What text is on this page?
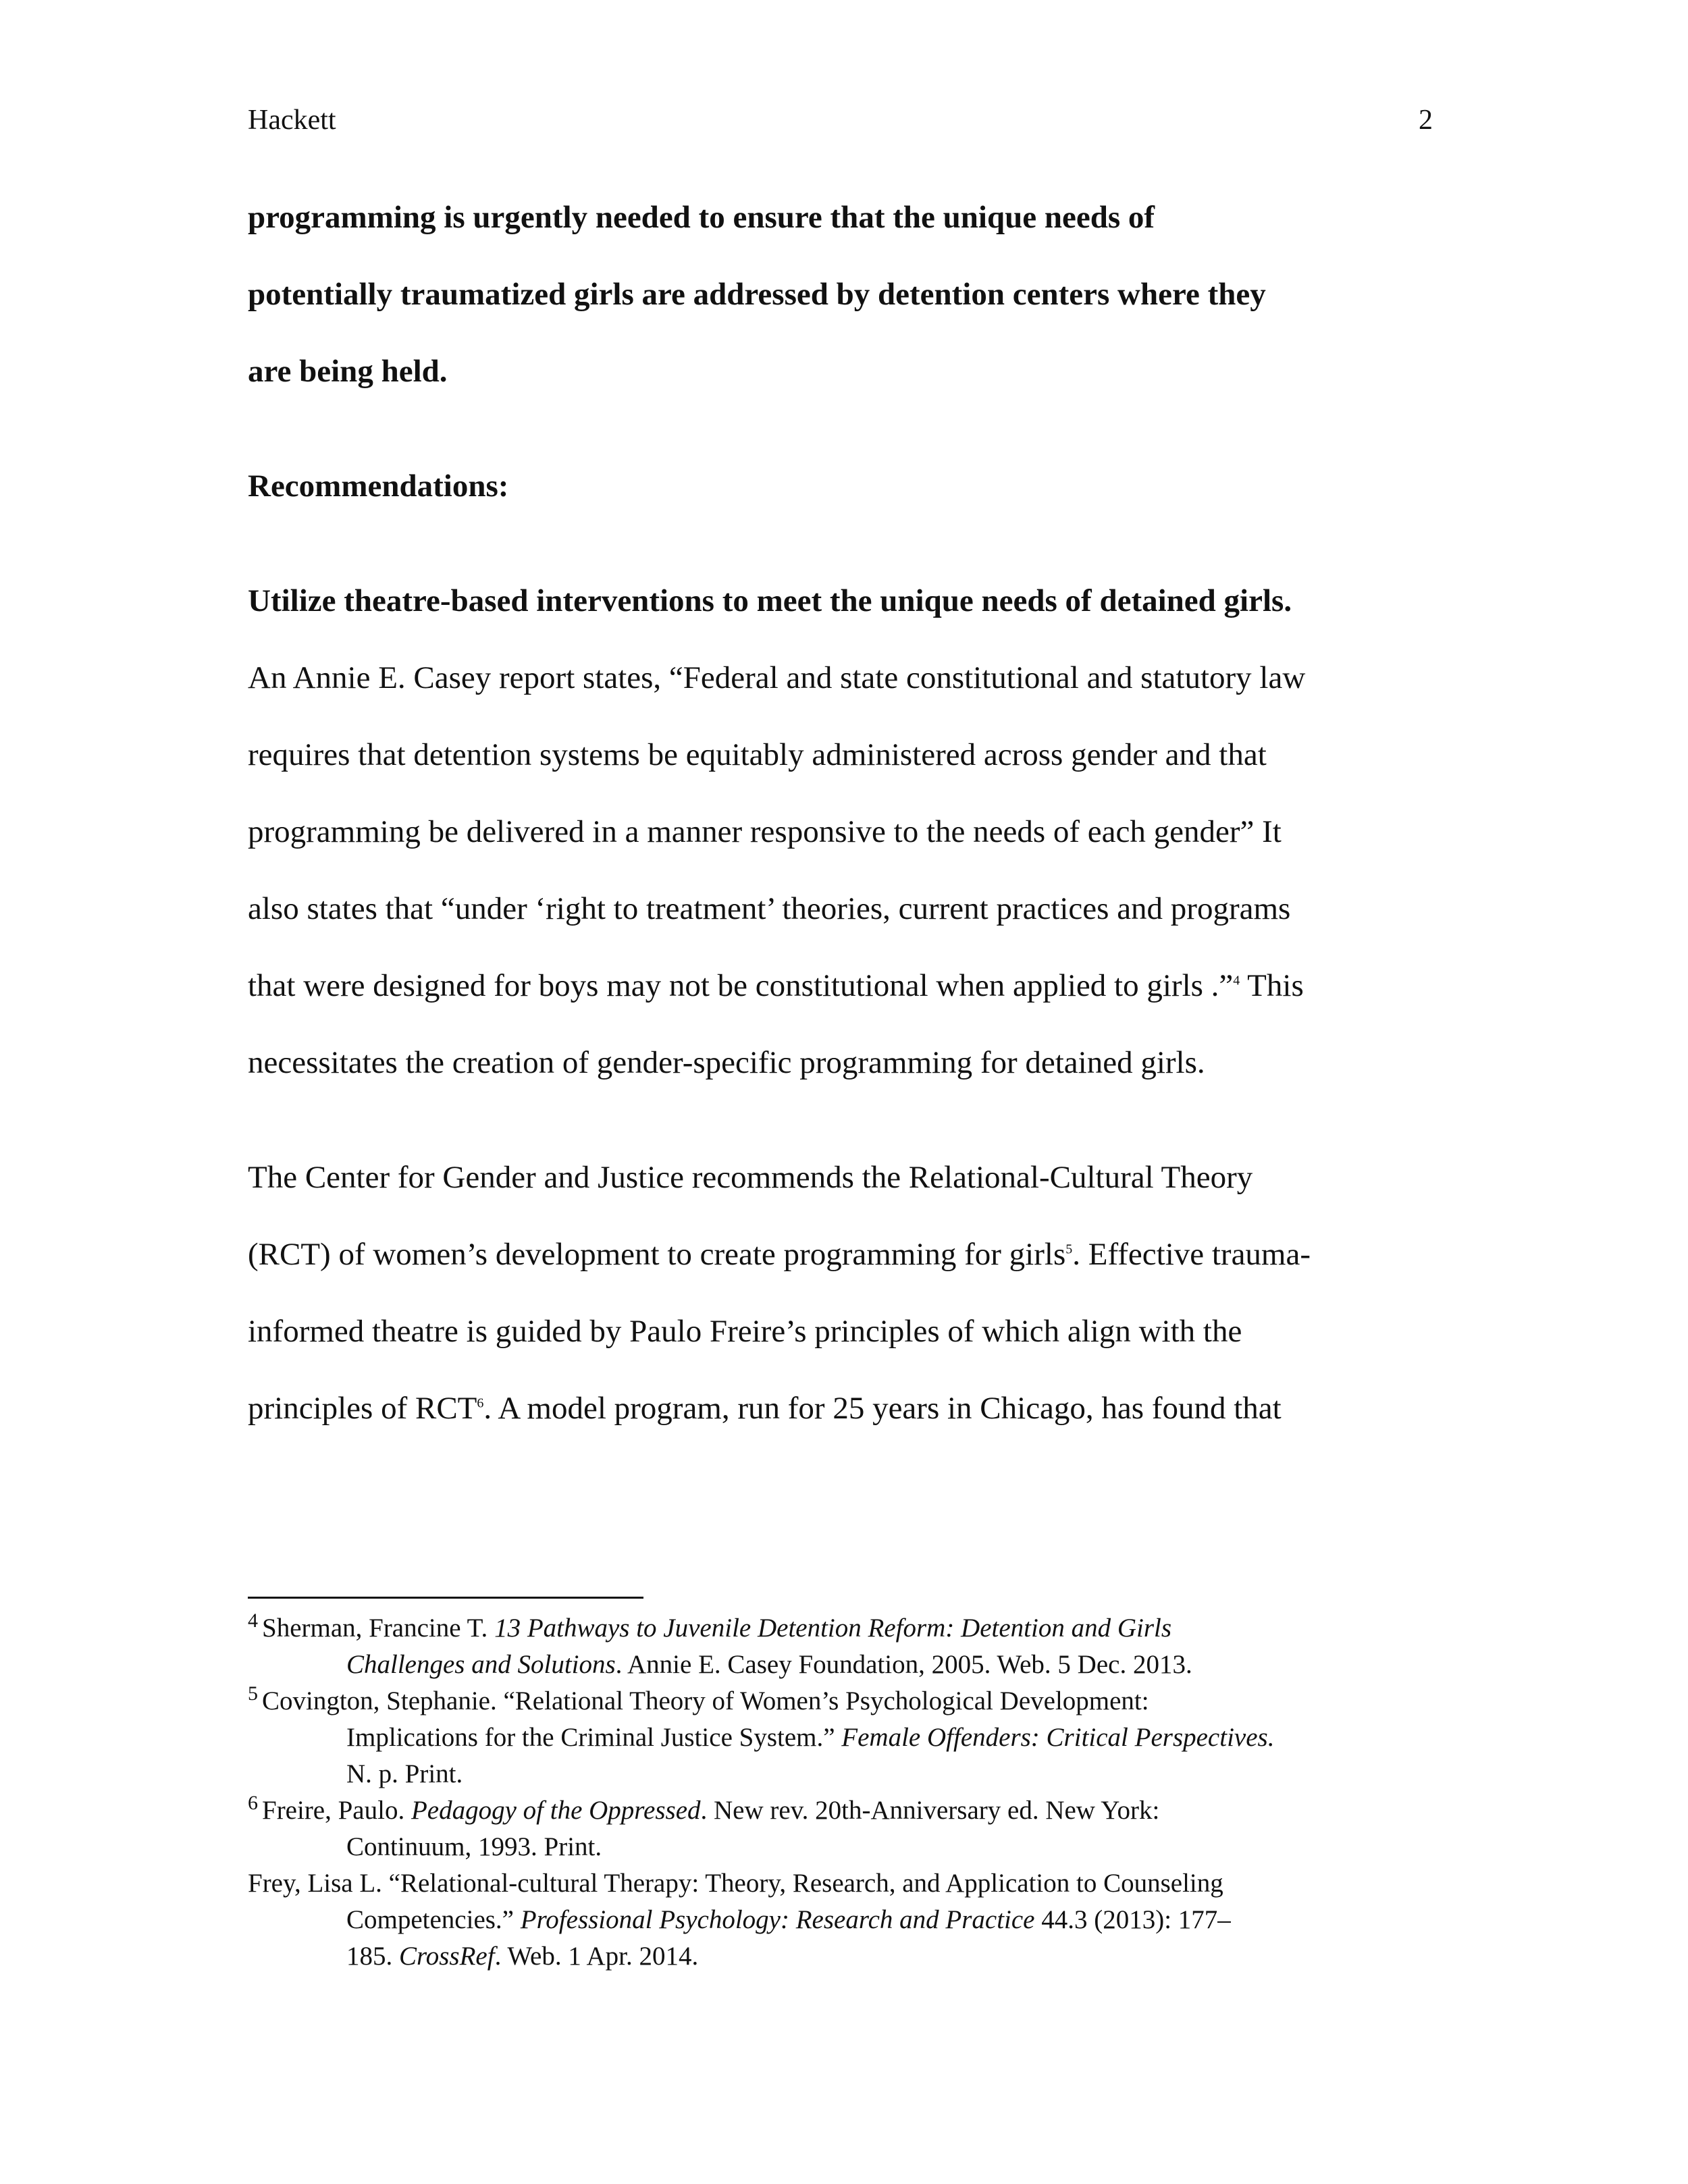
Hackett	2
programming is urgently needed to ensure that the unique needs of
potentially traumatized girls are addressed by detention centers where they
are being held.
Recommendations:
Utilize theatre-based interventions to meet the unique needs of detained girls.
An Annie E. Casey report states, “Federal and state constitutional and statutory law
requires that detention systems be equitably administered across gender and that
programming be delivered in a manner responsive to the needs of each gender” It
also states that “under ‘right to treatment’ theories, current practices and programs
that were designed for boys may not be constitutional when applied to girls .”$^4$ This
necessitates the creation of gender-specific programming for detained girls.
The Center for Gender and Justice recommends the Relational-Cultural Theory
(RCT) of women’s development to create programming for girls$^5$. Effective trauma-
informed theatre is guided by Paulo Freire’s principles of which align with the
principles of RCT$^6$. A model program, run for 25 years in Chicago, has found that

$^4$ Sherman, Francine T. 13 Pathways to Juvenile Detention Reform: Detention and Girls
Challenges and Solutions. Annie E. Casey Foundation, 2005. Web. 5 Dec. 2013.

$^5$ Covington, Stephanie. “Relational Theory of Women’s Psychological Development:
Implications for the Criminal Justice System.” Female Offenders: Critical Perspectives.
N. p. Print.

$^6$ Freire, Paulo. Pedagogy of the Oppressed. New rev. 20th-Anniversary ed. New York:
Continuum, 1993. Print.

Frey, Lisa L. “Relational-cultural Therapy: Theory, Research, and Application to Counseling
Competencies.” Professional Psychology: Research and Practice 44.3 (2013): 177–
185. CrossRef. Web. 1 Apr. 2014.
